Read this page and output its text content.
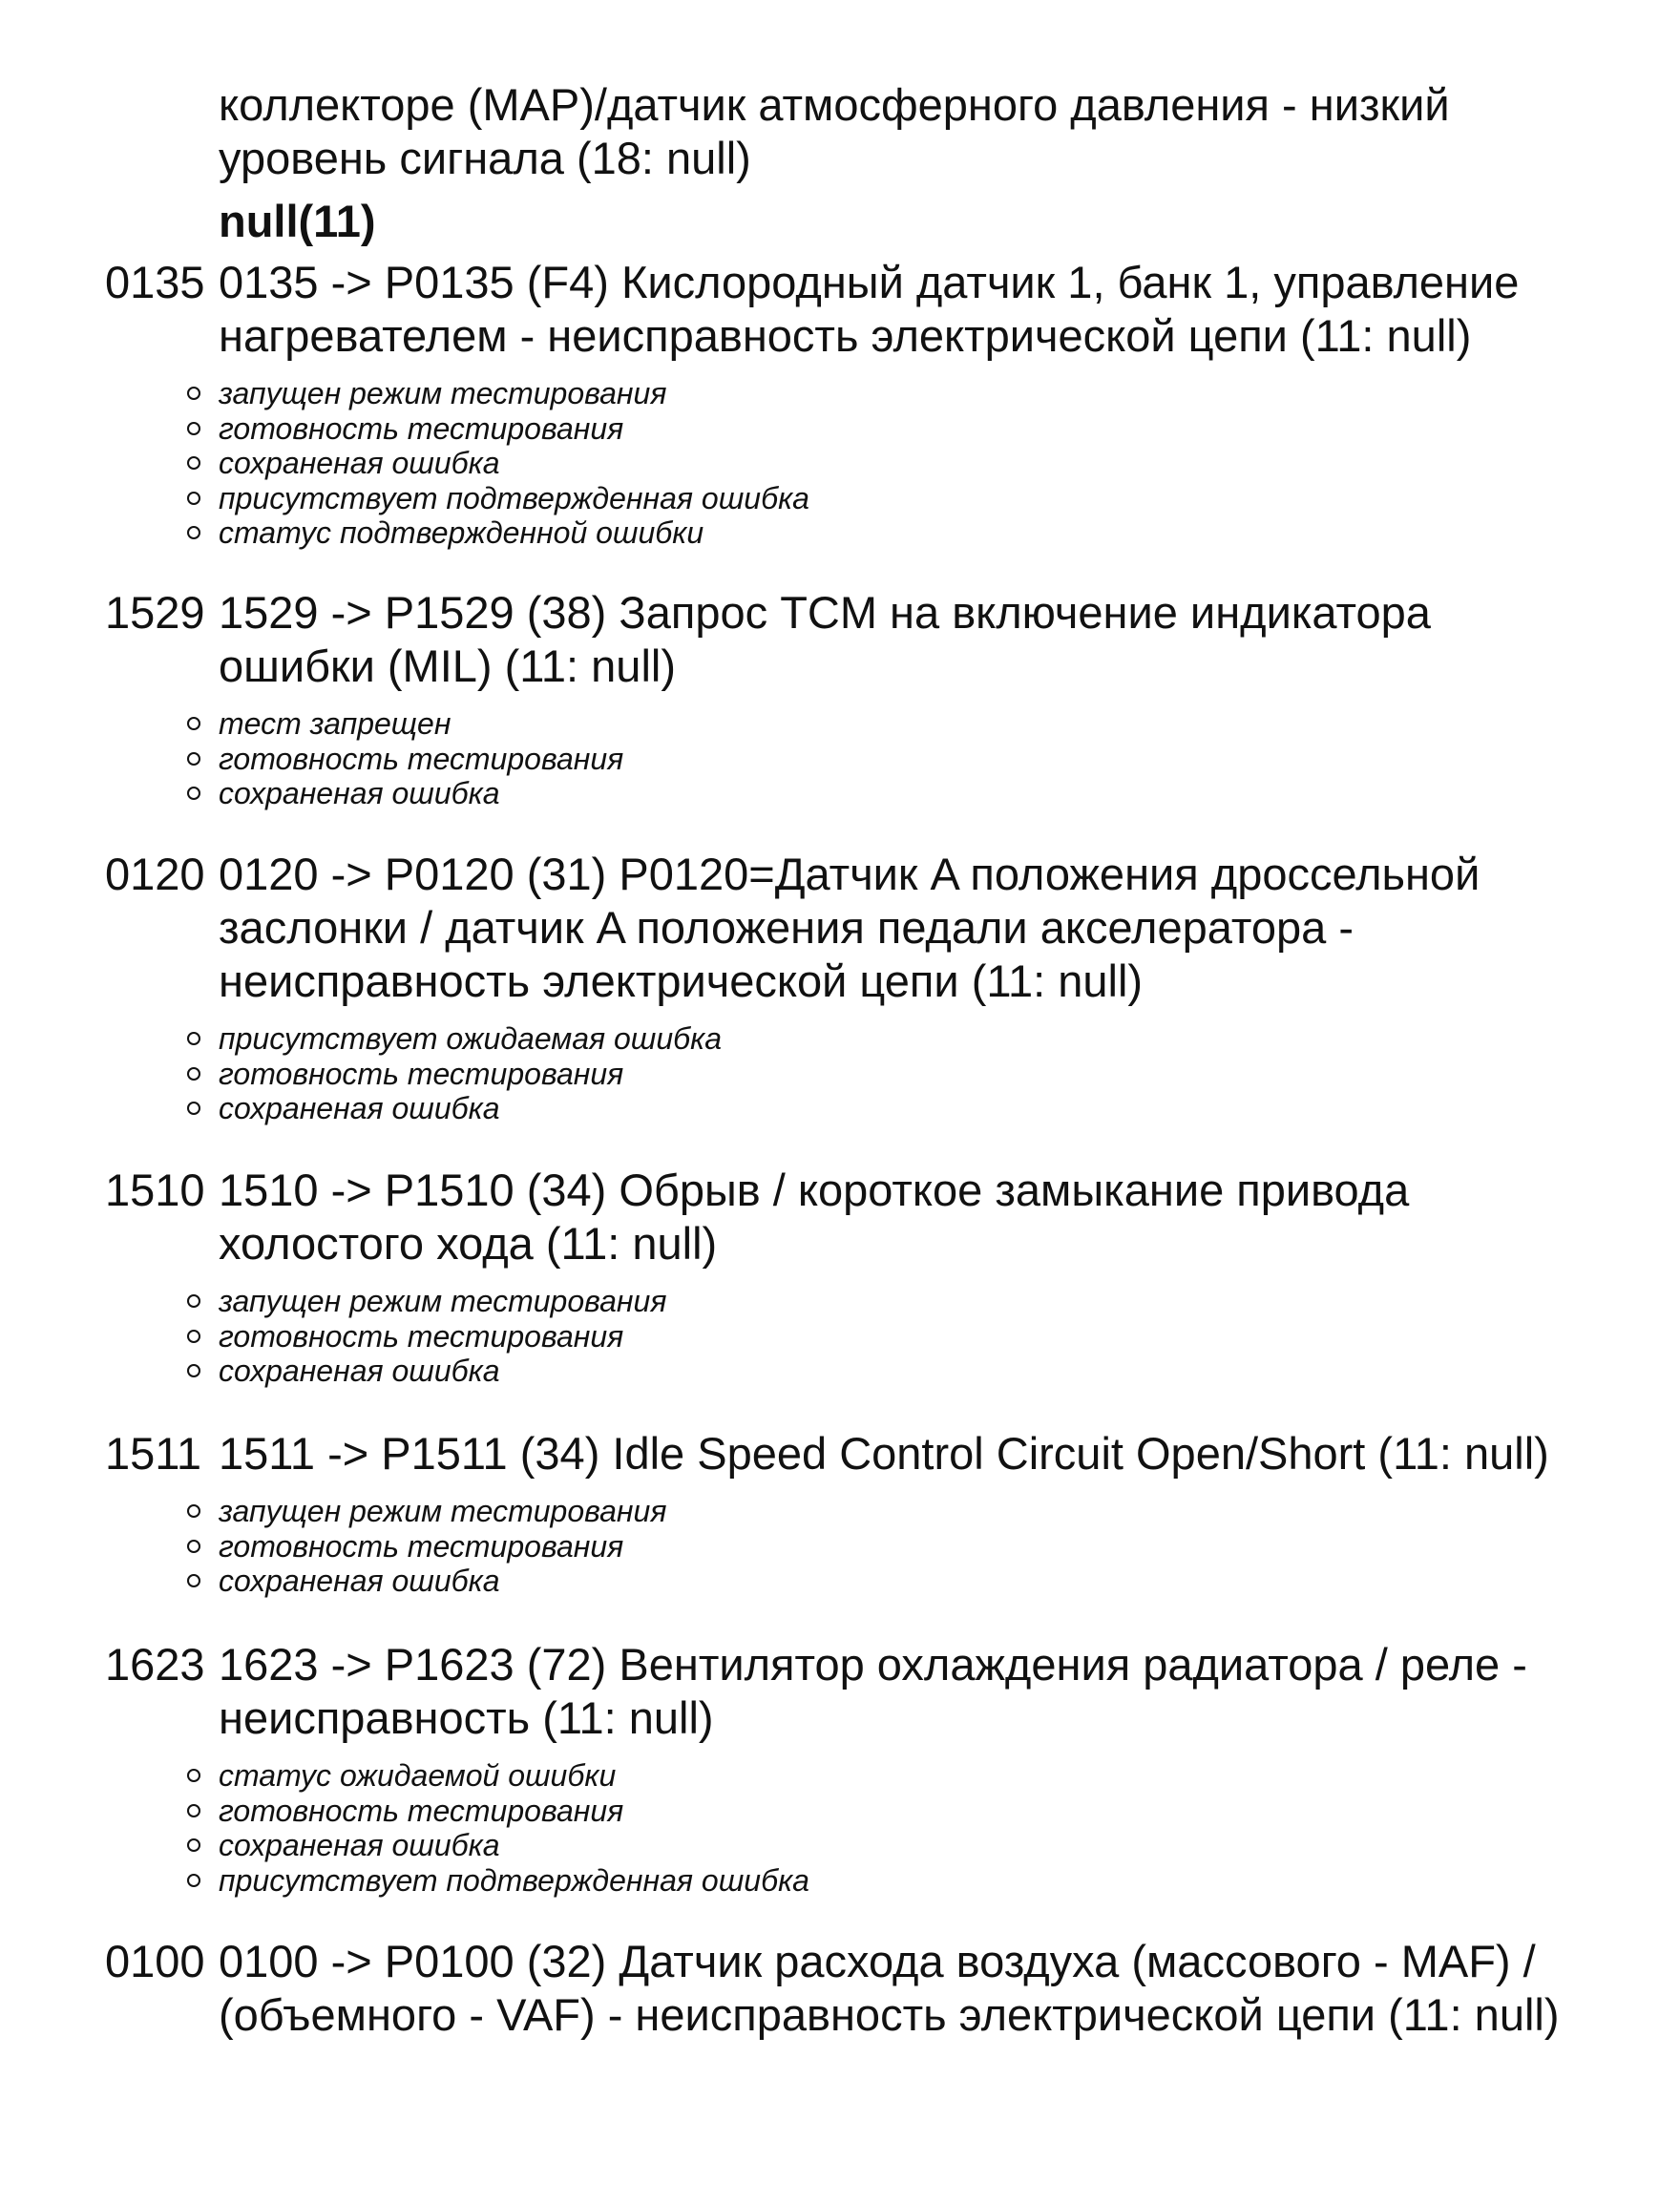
коллекторе (MAP)/датчик атмосферного давления - низкий уровень сигнала (18: null)
null(11)
0135 0135 -> P0135 (F4) Кислородный датчик 1, банк 1, управление нагревателем - неисправность электрической цепи (11: null)
запущен режим тестирования
готовность тестирования
сохраненая ошибка
присутствует подтвержденная ошибка
статус подтвержденной ошибки
1529 1529 -> P1529 (38) Запрос TCM на включение индикатора ошибки (MIL) (11: null)
тест запрещен
готовность тестирования
сохраненая ошибка
0120 0120 -> P0120 (31) P0120=Датчик A положения дроссельной заслонки / датчик A положения педали акселератора - неисправность электрической цепи (11: null)
присутствует ожидаемая ошибка
готовность тестирования
сохраненая ошибка
1510 1510 -> P1510 (34) Обрыв / короткое замыкание привода холостого хода (11: null)
запущен режим тестирования
готовность тестирования
сохраненая ошибка
1511 1511 -> P1511 (34) Idle Speed Control Circuit Open/Short (11: null)
запущен режим тестирования
готовность тестирования
сохраненая ошибка
1623 1623 -> P1623 (72) Вентилятор охлаждения радиатора / реле - неисправность (11: null)
статус ожидаемой ошибки
готовность тестирования
сохраненая ошибка
присутствует подтвержденная ошибка
0100 0100 -> P0100 (32) Датчик расхода воздуха (массового - MAF) / (объемного - VAF) - неисправность электрической цепи (11: null)
